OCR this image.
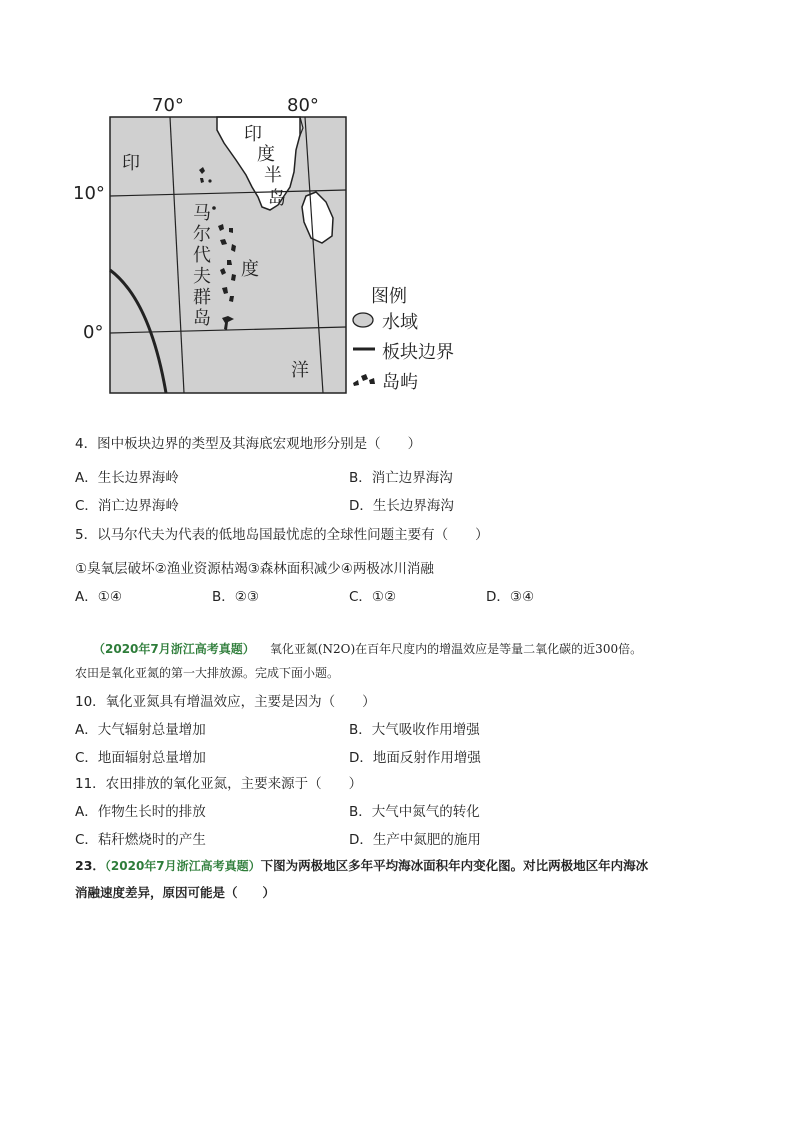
70°	80°
10°
0°
印
度
半
岛
印
度
洋
马尔代夫群岛
图例
水域
板块边界
岛屿
4．图中板块边界的类型及其海底宏观地形分别是（　　）
A．生长边界海岭	B．消亡边界海沟
C．消亡边界海岭	D．生长边界海沟
5．以马尔代夫为代表的低地岛国最忧虑的全球性问题主要有（　　）
①臭氧层破坏②渔业资源枯竭③森林面积减少④两极冰川消融
A．①④	B．②③	C．①②	D．③④
（2020年7月浙江高考真题） 氧化亚氮(N2O)在百年尺度内的增温效应是等量二氧化碳的近300倍。
农田是氧化亚氮的第一大排放源。完成下面小题。
10．氧化亚氮具有增温效应，主要是因为（　　）
A．大气辐射总量增加	B．大气吸收作用增强
C．地面辐射总量增加	D．地面反射作用增强
11．农田排放的氧化亚氮，主要来源于（　　）
A．作物生长时的排放	B．大气中氮气的转化
C．秸秆燃烧时的产生	D．生产中氮肥的施用
23．（2020年7月浙江高考真题）下图为两极地区多年平均海冰面积年内变化图。对比两极地区年内海冰
消融速度差异，原因可能是（　　）
